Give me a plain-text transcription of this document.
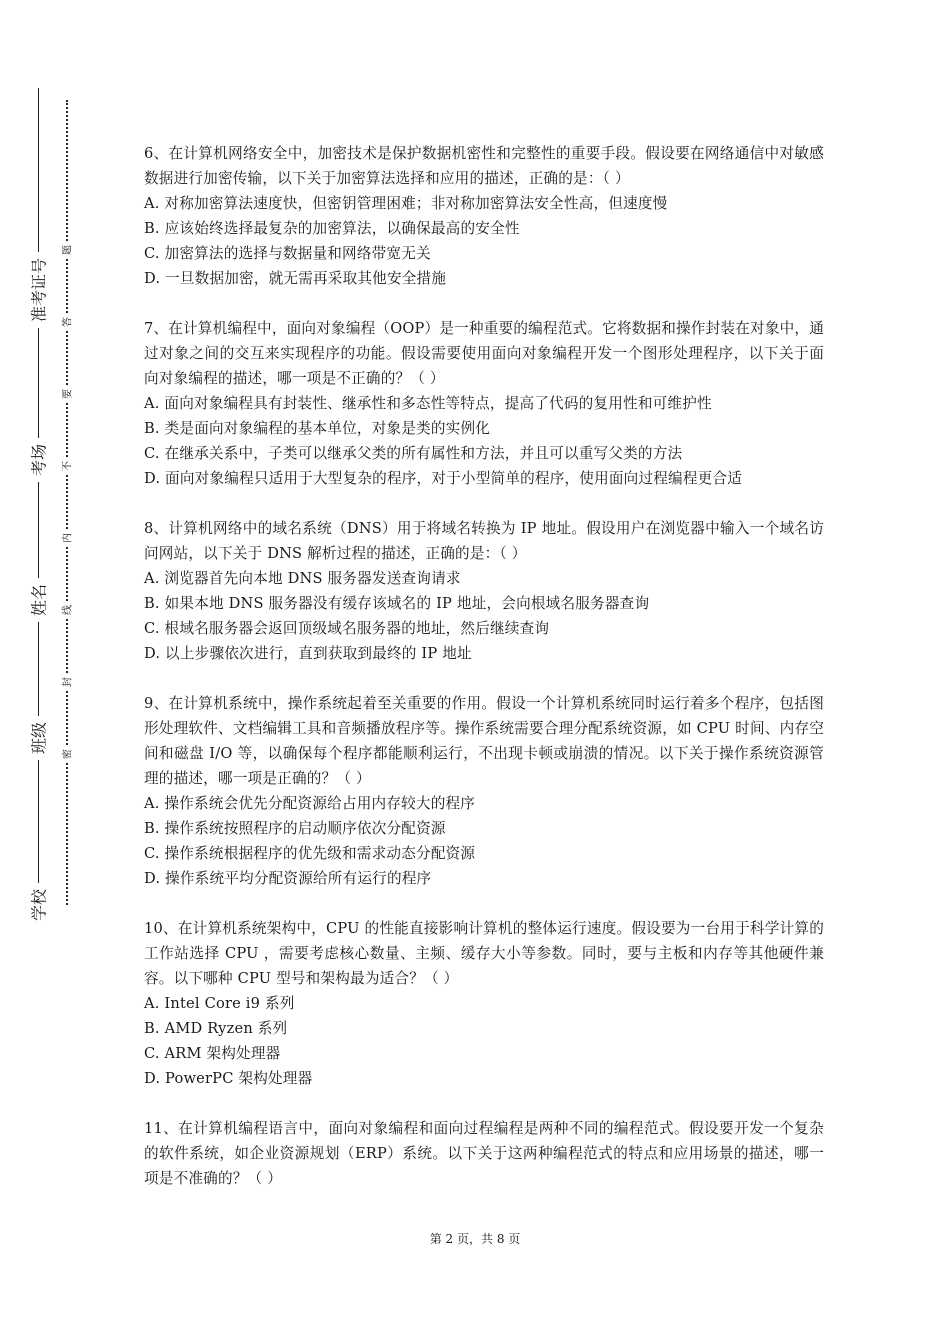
准考证号
考场
姓名
班级
学校
题
答
要
不
内
线
封
密

6、在计算机网络安全中，加密技术是保护数据机密性和完整性的重要手段。假设要在网络通信中对敏感数据进行加密传输，以下关于加密算法选择和应用的描述，正确的是：（ ）

A. 对称加密算法速度快，但密钥管理困难；非对称加密算法安全性高，但速度慢

B. 应该始终选择最复杂的加密算法，以确保最高的安全性

C. 加密算法的选择与数据量和网络带宽无关

D. 一旦数据加密，就无需再采取其他安全措施

7、在计算机编程中，面向对象编程（OOP）是一种重要的编程范式。它将数据和操作封装在对象中，通过对象之间的交互来实现程序的功能。假设需要使用面向对象编程开发一个图形处理程序，以下关于面向对象编程的描述，哪一项是不正确的？（ ）

A. 面向对象编程具有封装性、继承性和多态性等特点，提高了代码的复用性和可维护性

B. 类是面向对象编程的基本单位，对象是类的实例化

C. 在继承关系中，子类可以继承父类的所有属性和方法，并且可以重写父类的方法

D. 面向对象编程只适用于大型复杂的程序，对于小型简单的程序，使用面向过程编程更合适

8、计算机网络中的域名系统（DNS）用于将域名转换为 IP 地址。假设用户在浏览器中输入一个域名访问网站，以下关于 DNS 解析过程的描述，正确的是：（ ）

A. 浏览器首先向本地 DNS 服务器发送查询请求

B. 如果本地 DNS 服务器没有缓存该域名的 IP 地址，会向根域名服务器查询

C. 根域名服务器会返回顶级域名服务器的地址，然后继续查询

D. 以上步骤依次进行，直到获取到最终的 IP 地址

9、在计算机系统中，操作系统起着至关重要的作用。假设一个计算机系统同时运行着多个程序，包括图形处理软件、文档编辑工具和音频播放程序等。操作系统需要合理分配系统资源，如 CPU 时间、内存空间和磁盘 I/O 等，以确保每个程序都能顺利运行，不出现卡顿或崩溃的情况。以下关于操作系统资源管理的描述，哪一项是正确的？（ ）

A. 操作系统会优先分配资源给占用内存较大的程序

B. 操作系统按照程序的启动顺序依次分配资源

C. 操作系统根据程序的优先级和需求动态分配资源

D. 操作系统平均分配资源给所有运行的程序

10、在计算机系统架构中，CPU 的性能直接影响计算机的整体运行速度。假设要为一台用于科学计算的工作站选择 CPU ，需要考虑核心数量、主频、缓存大小等参数。同时，要与主板和内存等其他硬件兼容。以下哪种 CPU 型号和架构最为适合？（ ）

A. Intel Core i9 系列

B. AMD Ryzen 系列

C. ARM 架构处理器

D. PowerPC 架构处理器

11、在计算机编程语言中，面向对象编程和面向过程编程是两种不同的编程范式。假设要开发一个复杂的软件系统，如企业资源规划（ERP）系统。以下关于这两种编程范式的特点和应用场景的描述，哪一项是不准确的？（ ）

第 2 页，共 8 页
